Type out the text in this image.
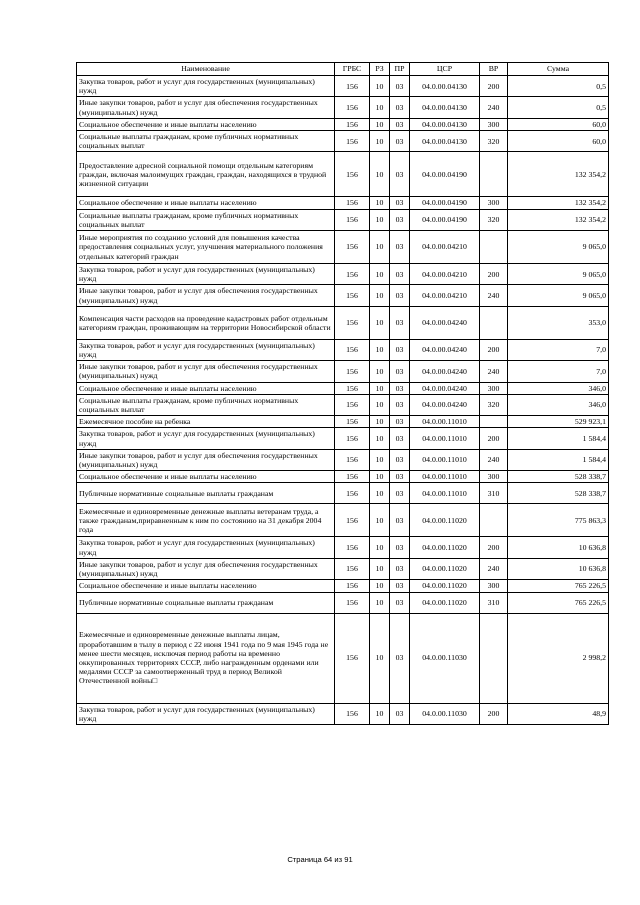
Наименование	ГРБС	РЗ	ПР	ЦСР	ВР	Сумма
Закупка товаров, работ и услуг для государственных (муниципальных) нужд	156	10	03	04.0.00.04130	200	0,5
Иные закупки товаров, работ и услуг для обеспечения государственных (муниципальных) нужд	156	10	03	04.0.00.04130	240	0,5
Социальное обеспечение и иные выплаты населению	156	10	03	04.0.00.04130	300	60,0
Социальные выплаты гражданам, кроме публичных нормативных социальных выплат	156	10	03	04.0.00.04130	320	60,0
Предоставление адресной социальной помощи отдельным категориям граждан, включая малоимущих граждан, граждан, находящихся в трудной жизненной ситуации	156	10	03	04.0.00.04190		132 354,2
Социальное обеспечение и иные выплаты населению	156	10	03	04.0.00.04190	300	132 354,2
Социальные выплаты гражданам, кроме публичных нормативных социальных выплат	156	10	03	04.0.00.04190	320	132 354,2
Иные мероприятия по созданию условий для повышения качества предоставления социальных услуг, улучшения материального положения отдельных категорий граждан	156	10	03	04.0.00.04210		9 065,0
Закупка товаров, работ и услуг для государственных (муниципальных) нужд	156	10	03	04.0.00.04210	200	9 065,0
Иные закупки товаров, работ и услуг для обеспечения государственных (муниципальных) нужд	156	10	03	04.0.00.04210	240	9 065,0
Компенсация части расходов на проведение кадастровых работ отдельным категориям граждан, проживающим на территории Новосибирской области	156	10	03	04.0.00.04240		353,0
Закупка товаров, работ и услуг для государственных (муниципальных) нужд	156	10	03	04.0.00.04240	200	7,0
Иные закупки товаров, работ и услуг для обеспечения государственных (муниципальных) нужд	156	10	03	04.0.00.04240	240	7,0
Социальное обеспечение и иные выплаты населению	156	10	03	04.0.00.04240	300	346,0
Социальные выплаты гражданам, кроме публичных нормативных социальных выплат	156	10	03	04.0.00.04240	320	346,0
Ежемесячное пособие на ребенка	156	10	03	04.0.00.11010		529 923,1
Закупка товаров, работ и услуг для государственных (муниципальных) нужд	156	10	03	04.0.00.11010	200	1 584,4
Иные закупки товаров, работ и услуг для обеспечения государственных (муниципальных) нужд	156	10	03	04.0.00.11010	240	1 584,4
Социальное обеспечение и иные выплаты населению	156	10	03	04.0.00.11010	300	528 338,7
Публичные нормативные социальные выплаты гражданам	156	10	03	04.0.00.11010	310	528 338,7
Ежемесячные и единовременные денежные выплаты ветеранам труда, а также гражданам,приравненным к ним по состоянию на 31 декабря 2004 года	156	10	03	04.0.00.11020		775 863,3
Закупка товаров, работ и услуг для государственных (муниципальных) нужд	156	10	03	04.0.00.11020	200	10 636,8
Иные закупки товаров, работ и услуг для обеспечения государственных (муниципальных) нужд	156	10	03	04.0.00.11020	240	10 636,8
Социальное обеспечение и иные выплаты населению	156	10	03	04.0.00.11020	300	765 226,5
Публичные нормативные социальные выплаты гражданам	156	10	03	04.0.00.11020	310	765 226,5
Ежемесячные и единовременные денежные выплаты лицам, проработавшим в тылу в период с 22 июня 1941 года по 9 мая 1945 года не менее шести месяцев, исключая период работы на временно оккупированных территориях СССР, либо награжденным орденами или медалями СССР за самоотверженный труд в период Великой Отечественной войны□	156	10	03	04.0.00.11030		2 998,2
Закупка товаров, работ и услуг для государственных (муниципальных) нужд	156	10	03	04.0.00.11030	200	48,9
Страница 64 из 91
